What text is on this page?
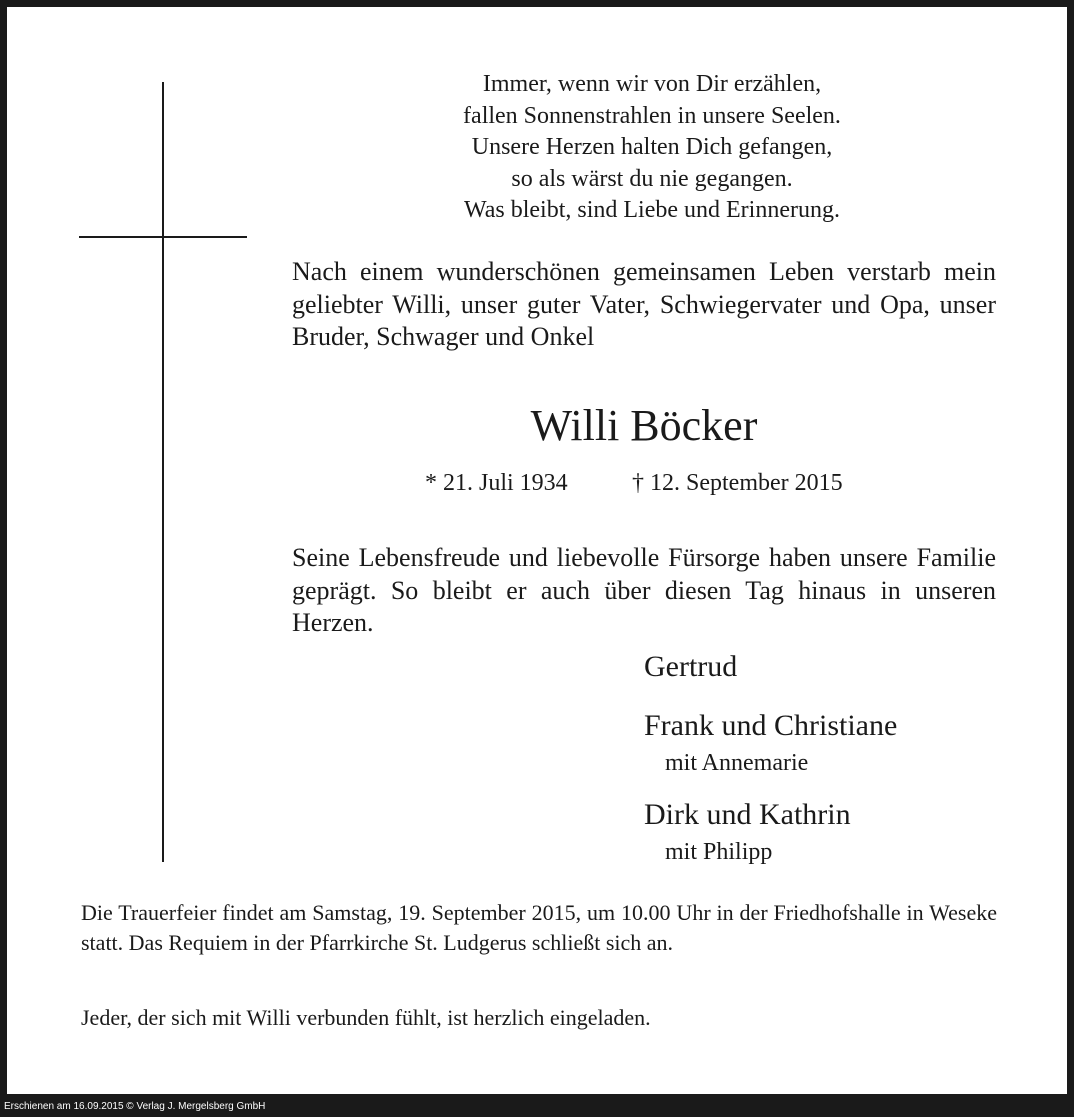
Immer, wenn wir von Dir erzählen,
fallen Sonnenstrahlen in unsere Seelen.
Unsere Herzen halten Dich gefangen,
so als wärst du nie gegangen.
Was bleibt, sind Liebe und Erinnerung.
Nach einem wunderschönen gemeinsamen Leben verstarb mein geliebter Willi, unser guter Vater, Schwiegervater und Opa, unser Bruder, Schwager und Onkel
Willi Böcker
* 21. Juli 1934	† 12. September 2015
Seine Lebensfreude und liebevolle Fürsorge haben unsere Familie geprägt. So bleibt er auch über diesen Tag hinaus in unseren Herzen.
Gertrud
Frank und Christiane
mit Annemarie
Dirk und Kathrin
mit Philipp
Die Trauerfeier findet am Samstag, 19. September 2015, um 10.00 Uhr in der Friedhofshalle in Weseke statt. Das Requiem in der Pfarrkirche St. Ludgerus schließt sich an.
Jeder, der sich mit Willi verbunden fühlt, ist herzlich eingeladen.
Erschienen am 16.09.2015 © Verlag J. Mergelsberg GmbH
